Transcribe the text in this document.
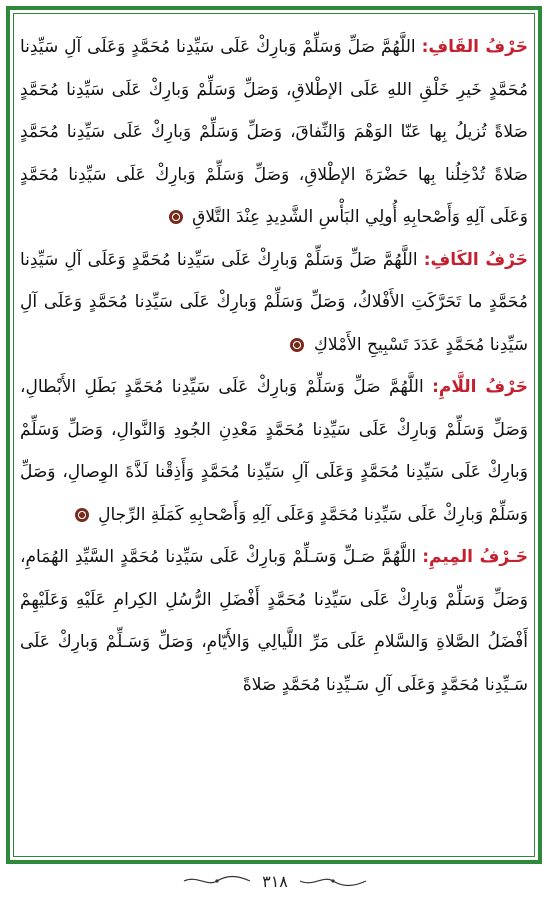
حَرْفُ القَافِ: اللَّهُمَّ صَلِّ وَسَلِّمْ وَبارِكْ عَلَى سَيِّدِنا مُحَمَّدٍ وَعَلَى آلِ سَيِّدِنا مُحَمَّدٍ خَيرِ خَلْقِ اللهِ عَلَى الإطْلاقِ، وَصَلِّ وَسَلِّمْ وَبارِكْ عَلَى سَيِّدِنا مُحَمَّدٍ صَلاةً تُزيلُ بِها عَنّا الوَهْمَ وَالنِّفاقَ، وَصَلِّ وَسَلِّمْ وَبارِكْ عَلَى سَيِّدِنا مُحَمَّدٍ صَلاةً تُدْخِلُنا بِها حَضْرَةَ الإطْلاقِ، وَصَلِّ وَسَلِّمْ وَبارِكْ عَلَى سَيِّدِنا مُحَمَّدٍ وَعَلَى آلِهِ وَأَصْحابِهِ أُولِي البَأْسِ الشَّدِيدِ عِنْدَ التَّلاقِ

حَرْفُ الكَافِ: اللَّهُمَّ صَلِّ وَسَلِّمْ وَبارِكْ عَلَى سَيِّدِنا مُحَمَّدٍ وَعَلَى آلِ سَيِّدِنا مُحَمَّدٍ ما تَحَرَّكَتِ الأَفْلاكُ، وَصَلِّ وَسَلِّمْ وَبارِكْ عَلَى سَيِّدِنا مُحَمَّدٍ وَعَلَى آلِ سَيِّدِنا مُحَمَّدٍ عَدَدَ تَسْبِيحِ الأَمْلاكِ

حَرْفُ اللَّامِ: اللَّهُمَّ صَلِّ وَسَلِّمْ وَبارِكْ عَلَى سَيِّدِنا مُحَمَّدٍ بَطَلِ الأَبْطالِ، وَصَلِّ وَسَلِّمْ وَبارِكْ عَلَى سَيِّدِنا مُحَمَّدٍ مَعْدِنِ الجُودِ وَالنَّوالِ، وَصَلِّ وَسَلِّمْ وَبارِكْ عَلَى سَيِّدِنا مُحَمَّدٍ وَعَلَى آلِ سَيِّدِنا مُحَمَّدٍ وَأَذِقْنا لَذَّةَ الوِصالِ، وَصَلِّ وَسَلِّمْ وَبارِكْ عَلَى سَيِّدِنا مُحَمَّدٍ وَعَلَى آلِهِ وَأَصْحابِهِ كَمَلَةِ الرِّجالِ

حَـرْفُ المِيمِ: اللَّهُمَّ صَـلِّ وَسَـلِّمْ وَبارِكْ عَلَى سَيِّدِنا مُحَمَّدٍ السَّيِّدِ الهُمَامِ، وَصَلِّ وَسَلِّمْ وَبارِكْ عَلَى سَيِّدِنا مُحَمَّدٍ أَفْضَلِ الرُّسُلِ الكِرامِ عَلَيْهِ وَعَلَيْهِمْ أَفْضَلُ الصَّلاةِ وَالسَّلامِ عَلَى مَرِّ اللَّيالِي وَالأَيّامِ، وَصَلِّ وَسَـلِّمْ وَبارِكْ عَلَى سَـيِّدِنا مُحَمَّدٍ وَعَلَى آلِ سَـيِّدِنا مُحَمَّدٍ صَلاةً

٣١٨
